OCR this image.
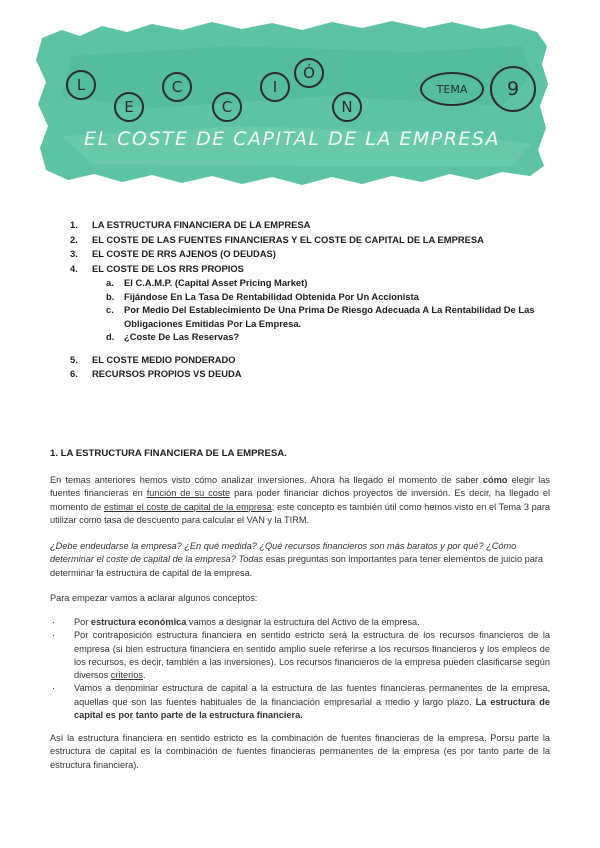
L
E
C
C
I
Ó
N
TEMA	9
EL COSTE DE CAPITAL DE LA EMPRESA
1.	LA ESTRUCTURA FINANCIERA DE LA EMPRESA
2.	EL COSTE DE LAS FUENTES FINANCIERAS Y EL COSTE DE CAPITAL DE LA EMPRESA
3.	EL COSTE DE RRS AJENOS (O DEUDAS)
4.	EL COSTE DE LOS RRS PROPIOS
a.	El C.A.M.P. (Capital Asset Pricing Market)
b.	Fijándose En La Tasa De Rentabilidad Obtenida Por Un Accionista
c.	Por Medio Del Establecimiento De Una Prima De Riesgo Adecuada A La Rentabilidad De Las Obligaciones Emitidas Por La Empresa.
d.	¿Coste De Las Reservas?
5.	EL COSTE MEDIO PONDERADO
6.	RECURSOS PROPIOS VS DEUDA
1. LA ESTRUCTURA FINANCIERA DE LA EMPRESA.
En temas anteriores hemos visto cómo analizar inversiones. Ahora ha llegado el momento de saber cómo elegir las fuentes financieras en función de su coste para poder financiar dichos proyectos de inversión. Es decir, ha llegado el momento de estimar el coste de capital de la empresa; este concepto es también útil como hemos visto en el Tema 3 para utilizar como tasa de descuento para calcular el VAN y la TIRM.
¿Debe endeudarse la empresa? ¿En qué medida? ¿Qué recursos financieros son más baratos y por qué? ¿Cómo determinar el coste de capital de la empresa? Todas esas preguntas son importantes para tener elementos de juicio para determinar la estructura de capital de la empresa.
Para empezar vamos a aclarar algunos conceptos:
·	Por estructura económica vamos a designar la estructura del Activo de la empresa.
·	Por contraposición estructura financiera en sentido estricto será la estructura de los recursos financieros de la empresa (si bien estructura financiera en sentido amplio suele referirse a los recursos financieros y los empleos de los recursos, es decir, también a las inversiones). Los recursos financieros de la empresa pueden clasificarse según diversos criterios.
·	Vamos a denominar estructura de capital a la estructura de las fuentes financieras permanentes de la empresa, aquellas que son las fuentes habituales de la financiación empresarial a medio y largo plazo. La estructura de capital es por tanto parte de la estructura financiera.
Así la estructura financiera en sentido estricto es la combinación de fuentes financieras de la empresa. Porsu parte la estructura de capital es la combinación de fuentes financieras permanentes de la empresa (es por tanto parte de la estructura financiera).
